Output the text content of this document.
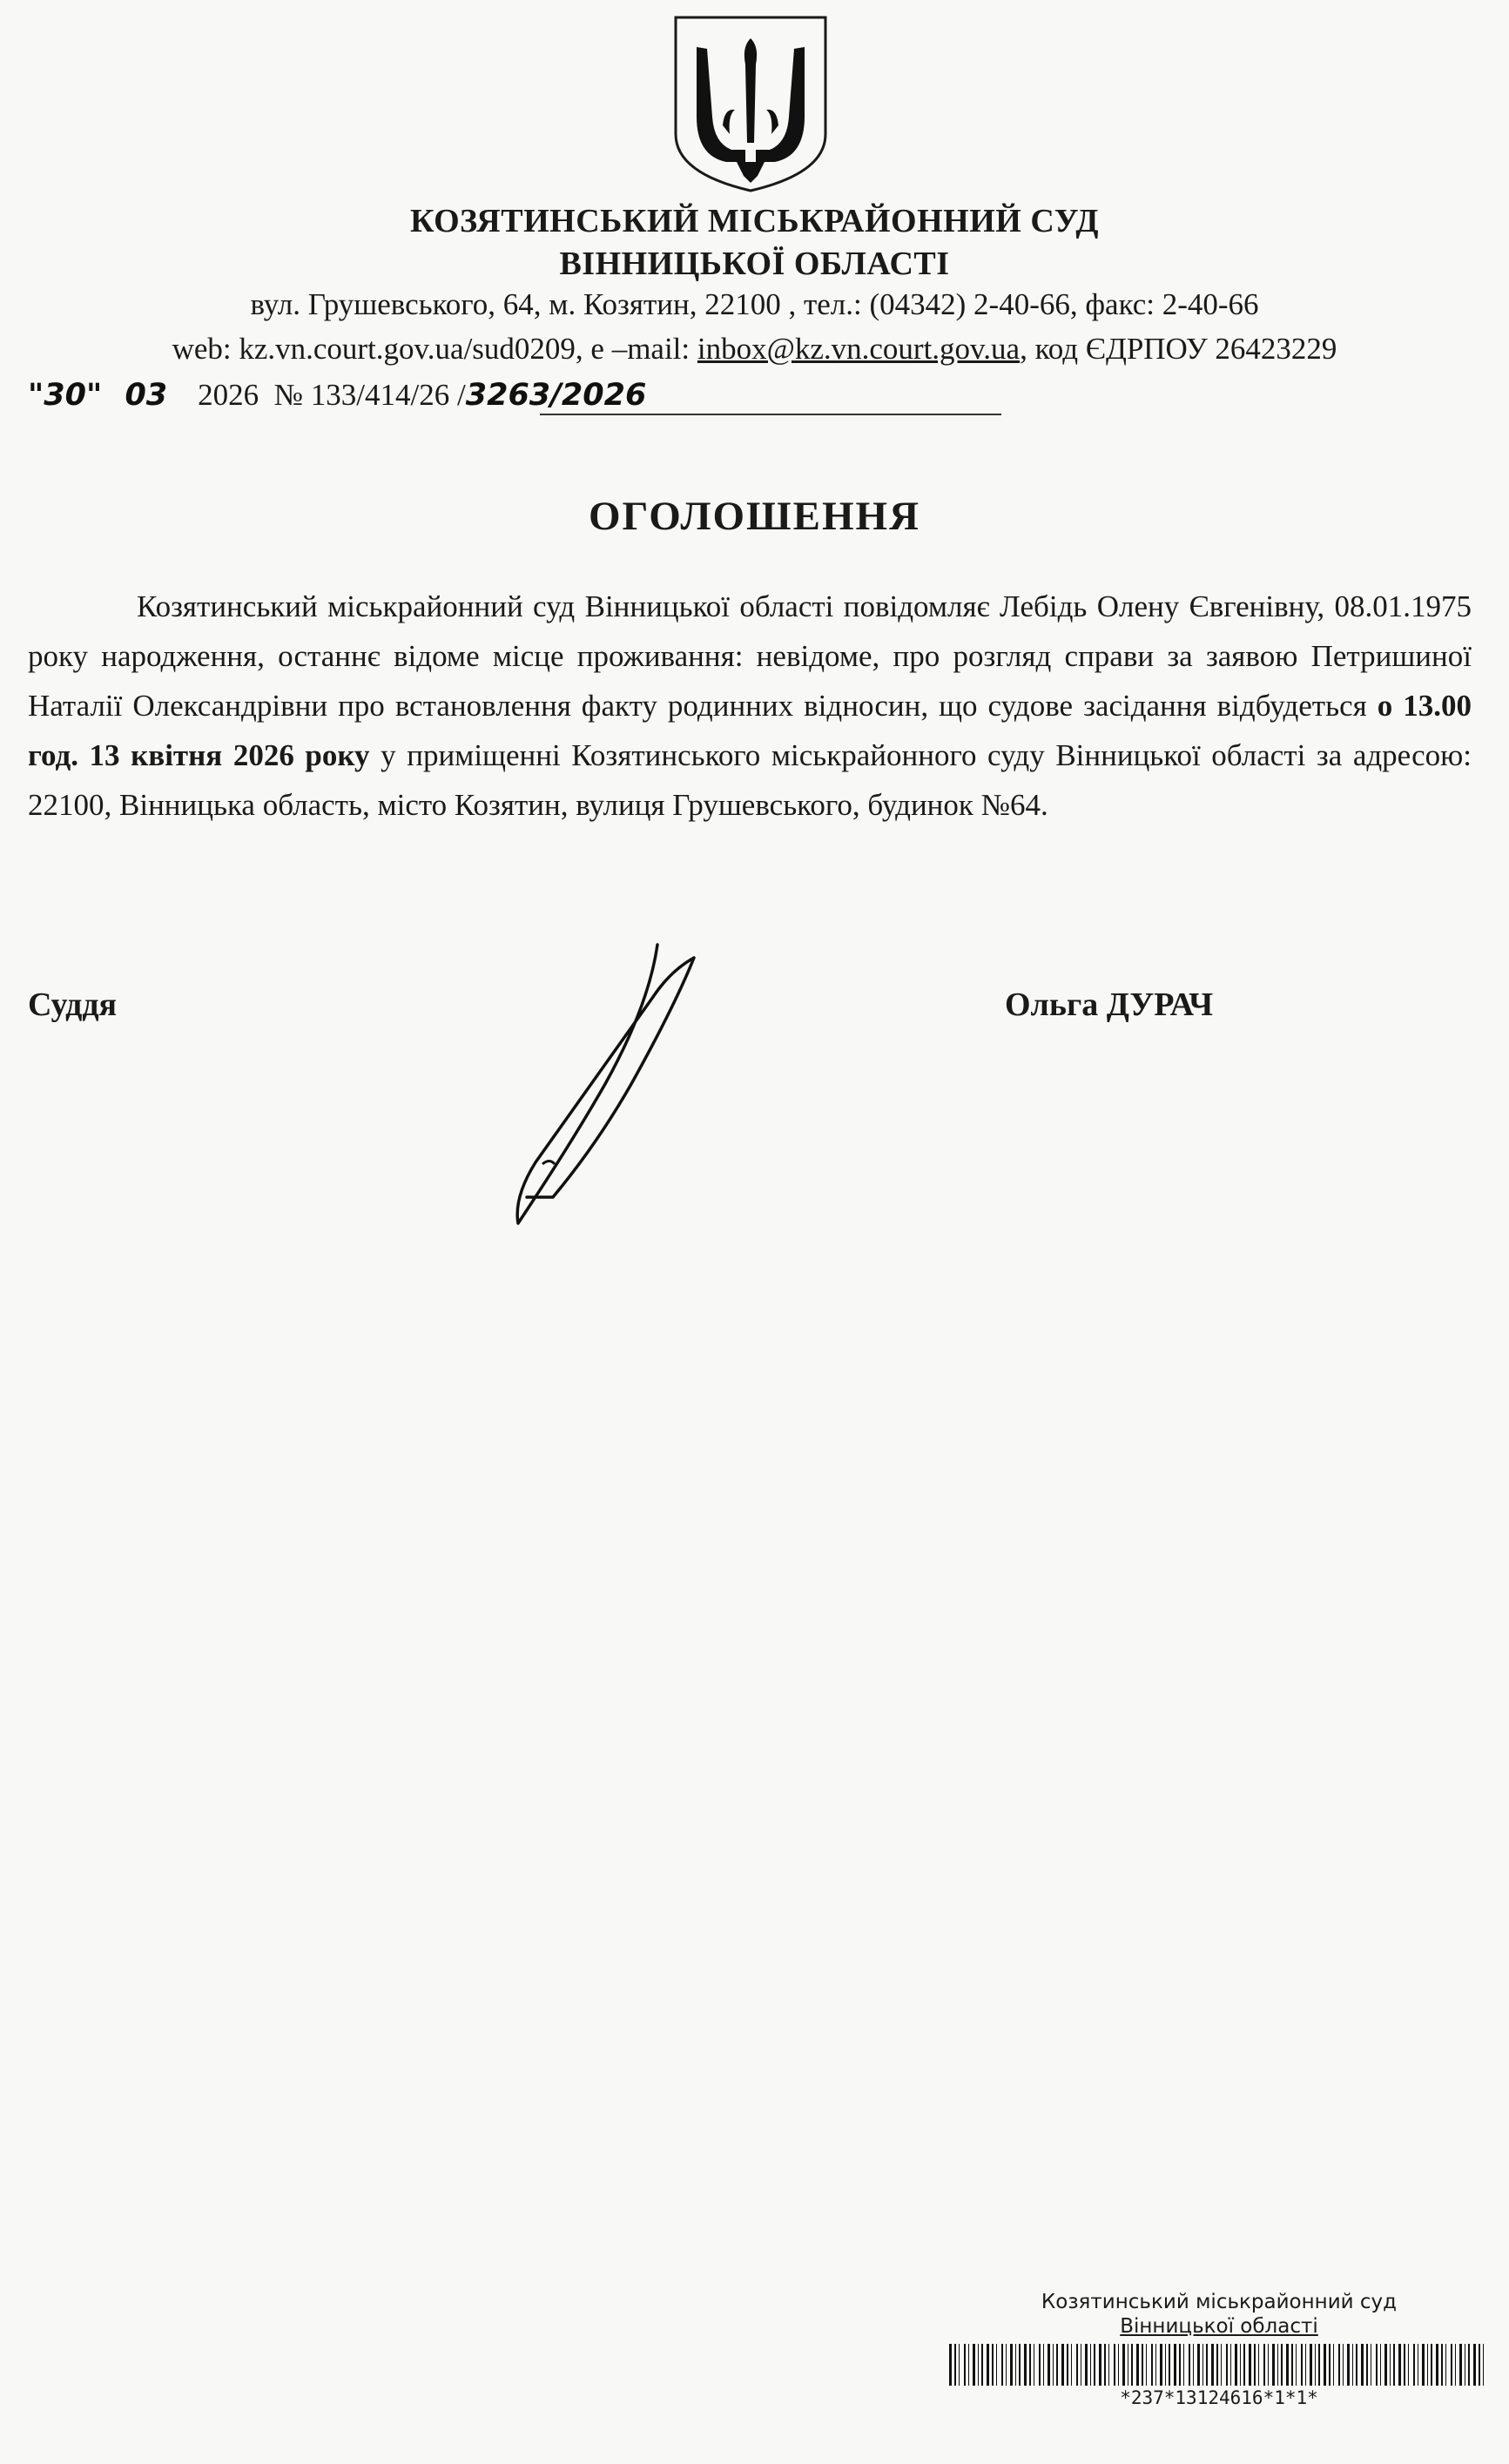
КОЗЯТИНСЬКИЙ МІСЬКРАЙОННИЙ СУД
ВІННИЦЬКОЇ ОБЛАСТІ
вул. Грушевського, 64, м. Козятин, 22100 , тел.: (04342) 2-40-66, факс: 2-40-66
web: kz.vn.court.gov.ua/sud0209, e –mail: inbox@kz.vn.court.gov.ua, код ЄДРПОУ 26423229
"30" 03 2026 № 133/414/26 /3263/2026
ОГОЛОШЕННЯ

Козятинський міськрайонний суд Вінницької області повідомляє Лебідь Олену Євгенівну, 08.01.1975 року народження, останнє відоме місце проживання: невідоме, про розгляд справи за заявою Петришиної Наталії Олександрівни про встановлення факту родинних відносин, що судове засідання відбудеться о 13.00 год. 13 квітня 2026 року у приміщенні Козятинського міськрайонного суду Вінницької області за адресою: 22100, Вінницька область, місто Козятин, вулиця Грушевського, будинок №64.

Суддя	Ольга ДУРАЧ
Козятинський міськрайонний суд
Вінницької області
*237*13124616*1*1*
